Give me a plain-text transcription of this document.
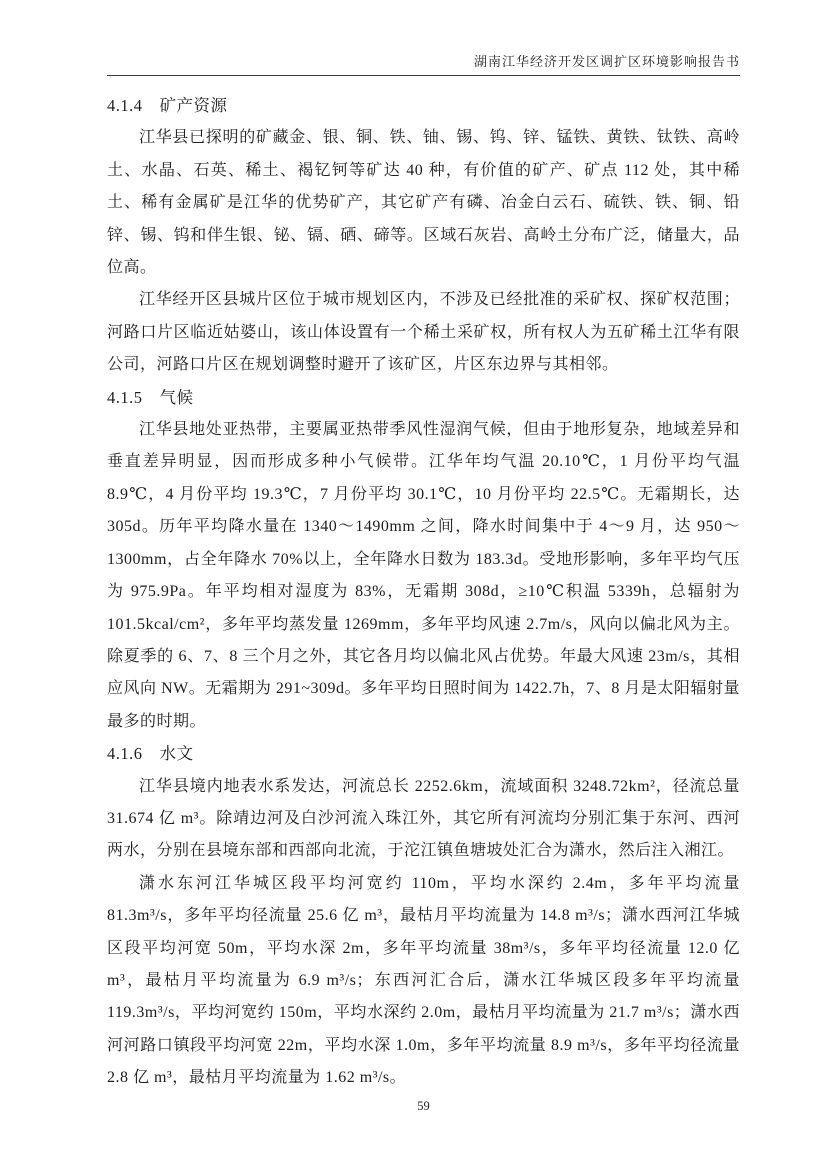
湖南江华经济开发区调扩区环境影响报告书
4.1.4　矿产资源

江华县已探明的矿藏金、银、铜、铁、铀、锡、钨、锌、锰铁、黄铁、钛铁、高岭土、水晶、石英、稀土、褐钇钶等矿达 40 种，有价值的矿产、矿点 112 处，其中稀土、稀有金属矿是江华的优势矿产，其它矿产有磷、冶金白云石、硫铁、铁、铜、铅锌、锡、钨和伴生银、铋、镉、硒、碲等。区域石灰岩、高岭土分布广泛，储量大，品位高。

江华经开区县城片区位于城市规划区内，不涉及已经批准的采矿权、探矿权范围；河路口片区临近姑婆山，该山体设置有一个稀土采矿权，所有权人为五矿稀土江华有限公司，河路口片区在规划调整时避开了该矿区，片区东边界与其相邻。

4.1.5　气候

江华县地处亚热带，主要属亚热带季风性湿润气候，但由于地形复杂，地域差异和垂直差异明显，因而形成多种小气候带。江华年均气温 20.10℃，1 月份平均气温 8.9℃，4 月份平均 19.3℃，7 月份平均 30.1℃，10 月份平均 22.5℃。无霜期长，达 305d。历年平均降水量在 1340～1490mm 之间，降水时间集中于 4～9 月，达 950～1300mm，占全年降水 70%以上，全年降水日数为 183.3d。受地形影响，多年平均气压为 975.9Pa。年平均相对湿度为 83%，无霜期 308d，≥10℃积温 5339h，总辐射为 101.5kcal/cm²，多年平均蒸发量 1269mm，多年平均风速 2.7m/s，风向以偏北风为主。除夏季的 6、7、8 三个月之外，其它各月均以偏北风占优势。年最大风速 23m/s，其相应风向 NW。无霜期为 291~309d。多年平均日照时间为 1422.7h，7、8 月是太阳辐射量最多的时期。

4.1.6　水文

江华县境内地表水系发达，河流总长 2252.6km，流域面积 3248.72km²，径流总量 31.674 亿 m³。除靖边河及白沙河流入珠江外，其它所有河流均分别汇集于东河、西河两水，分别在县境东部和西部向北流，于沱江镇鱼塘坡处汇合为潇水，然后注入湘江。

潇水东河江华城区段平均河宽约 110m，平均水深约 2.4m，多年平均流量 81.3m³/s，多年平均径流量 25.6 亿 m³，最枯月平均流量为 14.8 m³/s；潇水西河江华城区段平均河宽 50m，平均水深 2m，多年平均流量 38m³/s，多年平均径流量 12.0 亿 m³，最枯月平均流量为 6.9 m³/s；东西河汇合后，潇水江华城区段多年平均流量 119.3m³/s，平均河宽约 150m，平均水深约 2.0m，最枯月平均流量为 21.7 m³/s；潇水西河河路口镇段平均河宽 22m，平均水深 1.0m，多年平均流量 8.9 m³/s，多年平均径流量 2.8 亿 m³，最枯月平均流量为 1.62 m³/s。

59
